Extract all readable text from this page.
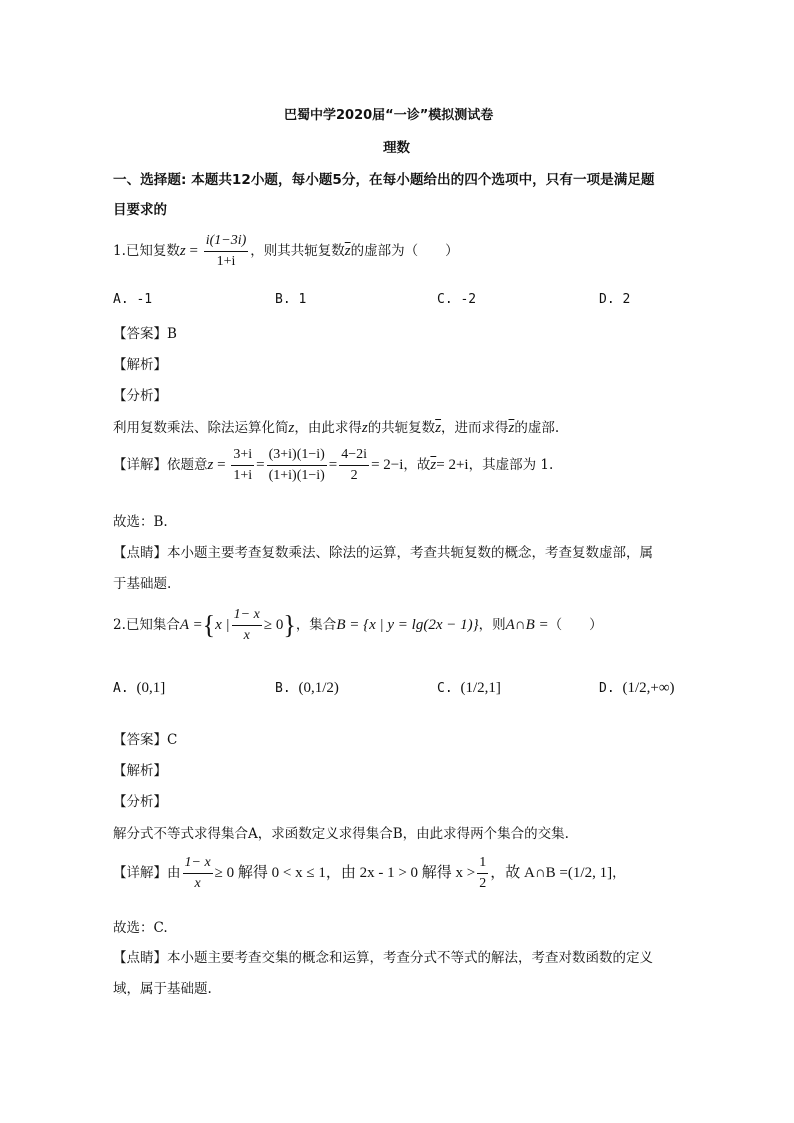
巴蜀中学2020届“一诊”模拟测试卷
理数
一、选择题: 本题共12小题，每小题5分，在每小题给出的四个选项中，只有一项是满足题
目要求的
1.已知复数$z = \frac{i(1-3i)}{1+i}$ ，则其共轭复数$\overline{z}$的虚部为（　　）
A. -1	B. 1	C. -2	D. 2
【答案】B
【解析】
【分析】
利用复数乘法、除法运算化简z，由此求得z的共轭复数$\overline{z}$，进而求得$\overline{z}$的虚部.
【详解】依题意$z = \frac{3+i}{1+i} = \frac{(3+i)(1-i)}{(1+i)(1-i)} = \frac{4-2i}{2} = 2-i$，故$\overline{z}= 2+i$，其虚部为 1.
故选：B.
【点睛】本小题主要考查复数乘法、除法的运算，考查共轭复数的概念，考查复数虚部，属
于基础题.
2.已知集合A ={x | $\frac{1- x}{x} \ge 0$}，集合B = {x | y = lg(2x − 1)}，则A∩B =（　　）
A. (0,1]	B. (0,1/2)	C. (1/2,1]	D. (1/2,+∞)
【答案】C
【解析】

【分析】
解分式不等式求得集合A，求函数定义求得集合B，由此求得两个集合的交集.
【详解】由 $\frac{1- x}{x} \ge 0$ 解得 0 < x ≤ 1，由 2x - 1 > 0 解得 $x > \frac{1}{2}$ ，故 A∩B =(1/2, 1]，
故选：C.
【点睛】本小题主要考查交集的概念和运算，考查分式不等式的解法，考查对数函数的定义
域，属于基础题.
